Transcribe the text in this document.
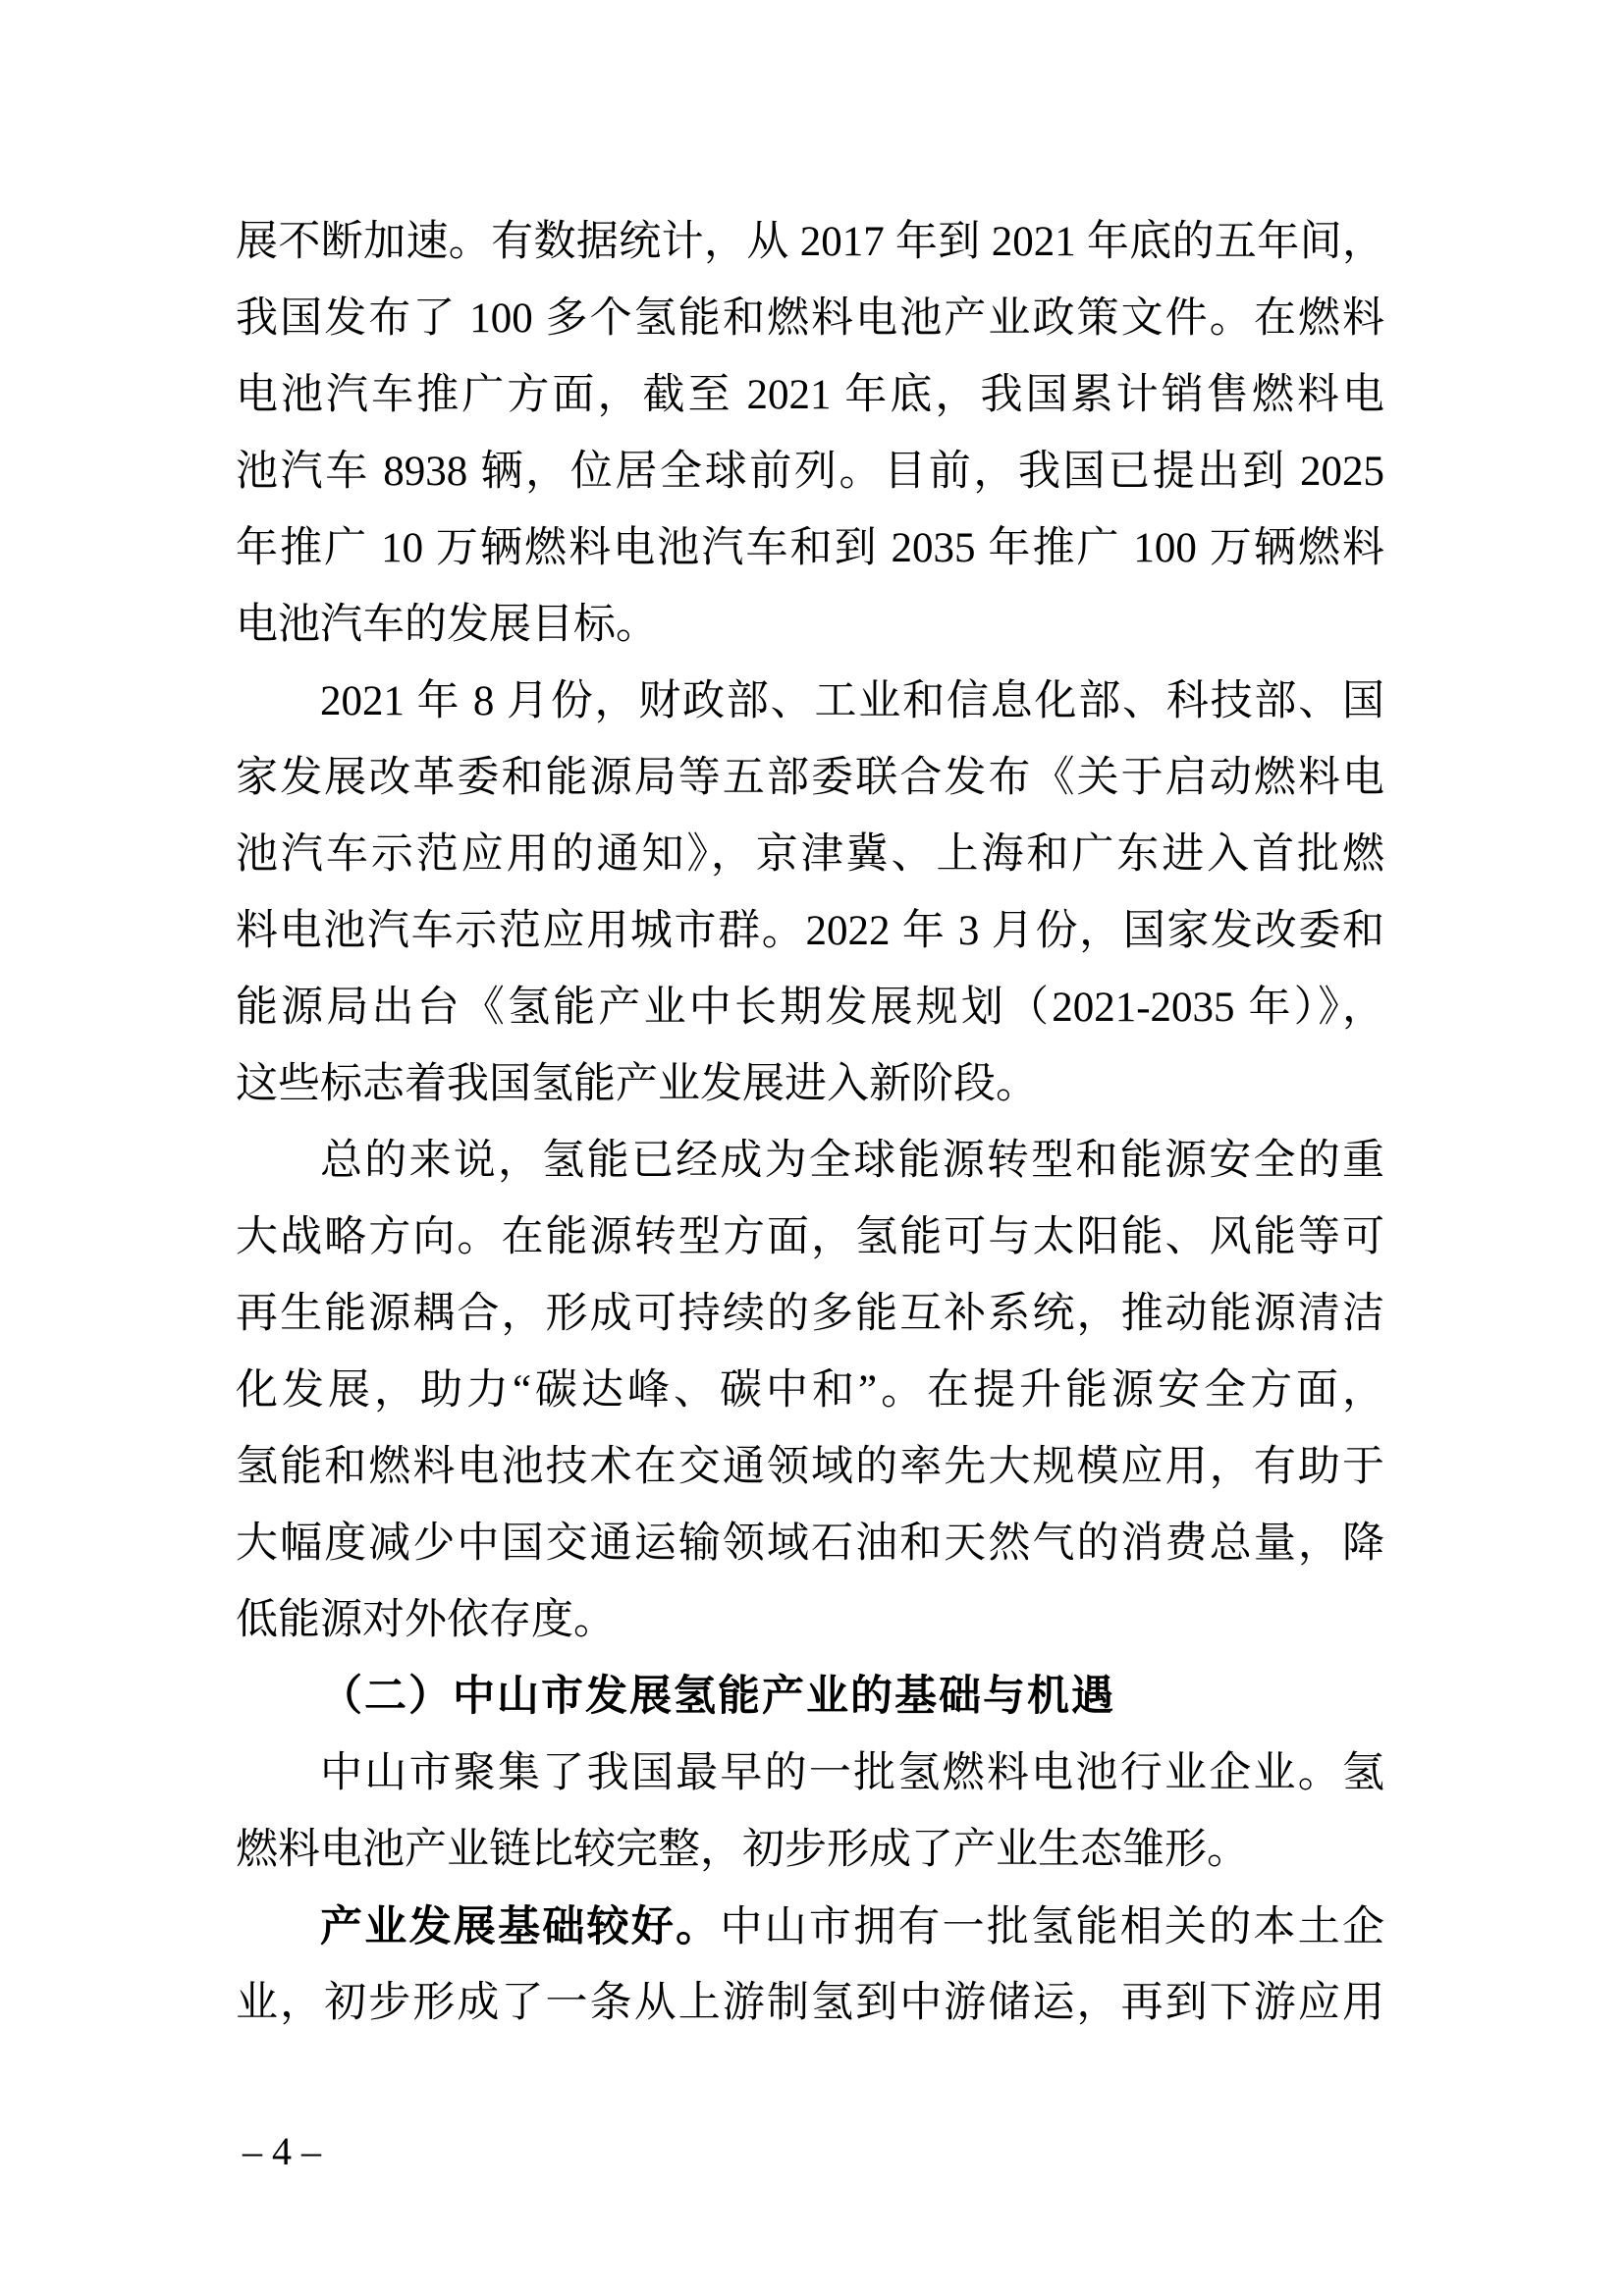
展不断加速。有数据统计，从 2017 年到 2021 年底的五年间，
我国发布了 100 多个氢能和燃料电池产业政策文件。在燃料
电池汽车推广方面，截至 2021 年底，我国累计销售燃料电
池汽车 8938 辆，位居全球前列。目前，我国已提出到 2025
年推广 10 万辆燃料电池汽车和到 2035 年推广 100 万辆燃料
电池汽车的发展目标。
2021 年 8 月份，财政部、工业和信息化部、科技部、国
家发展改革委和能源局等五部委联合发布《关于启动燃料电
池汽车示范应用的通知》，京津冀、上海和广东进入首批燃
料电池汽车示范应用城市群。2022 年 3 月份，国家发改委和
能源局出台《氢能产业中长期发展规划（2021-2035 年）》，
这些标志着我国氢能产业发展进入新阶段。
总的来说，氢能已经成为全球能源转型和能源安全的重
大战略方向。在能源转型方面，氢能可与太阳能、风能等可
再生能源耦合，形成可持续的多能互补系统，推动能源清洁
化发展，助力“碳达峰、碳中和”。在提升能源安全方面，
氢能和燃料电池技术在交通领域的率先大规模应用，有助于
大幅度减少中国交通运输领域石油和天然气的消费总量，降
低能源对外依存度。
（二）中山市发展氢能产业的基础与机遇
中山市聚集了我国最早的一批氢燃料电池行业企业。氢
燃料电池产业链比较完整，初步形成了产业生态雏形。
产业发展基础较好。中山市拥有一批氢能相关的本土企
业，初步形成了一条从上游制氢到中游储运，再到下游应用
– 4 –
